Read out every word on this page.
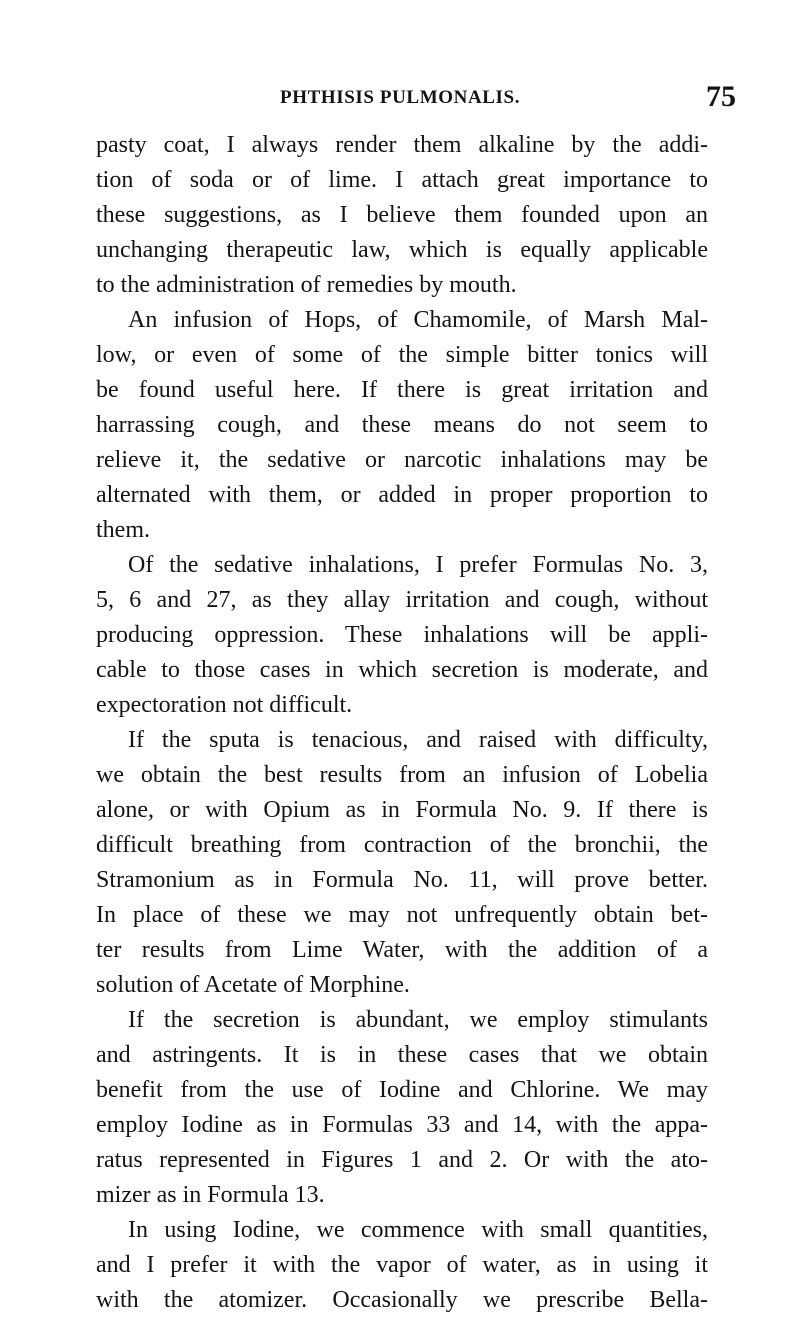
PHTHISIS PULMONALIS.	75
pasty coat, I always render them alkaline by the addi-
tion of soda or of lime. I attach great importance to
these suggestions, as I believe them founded upon an
unchanging therapeutic law, which is equally applicable
to the administration of remedies by mouth.
An infusion of Hops, of Chamomile, of Marsh Mal-
low, or even of some of the simple bitter tonics will
be found useful here. If there is great irritation and
harrassing cough, and these means do not seem to
relieve it, the sedative or narcotic inhalations may be
alternated with them, or added in proper proportion to
them.
Of the sedative inhalations, I prefer Formulas No. 3,
5, 6 and 27, as they allay irritation and cough, without
producing oppression. These inhalations will be appli-
cable to those cases in which secretion is moderate, and
expectoration not difficult.
If the sputa is tenacious, and raised with difficulty,
we obtain the best results from an infusion of Lobelia
alone, or with Opium as in Formula No. 9. If there is
difficult breathing from contraction of the bronchii, the
Stramonium as in Formula No. 11, will prove better.
In place of these we may not unfrequently obtain bet-
ter results from Lime Water, with the addition of a
solution of Acetate of Morphine.
If the secretion is abundant, we employ stimulants
and astringents. It is in these cases that we obtain
benefit from the use of Iodine and Chlorine. We may
employ Iodine as in Formulas 33 and 14, with the appa-
ratus represented in Figures 1 and 2. Or with the ato-
mizer as in Formula 13.
In using Iodine, we commence with small quantities,
and I prefer it with the vapor of water, as in using it
with the atomizer. Occasionally we prescribe Bella-
